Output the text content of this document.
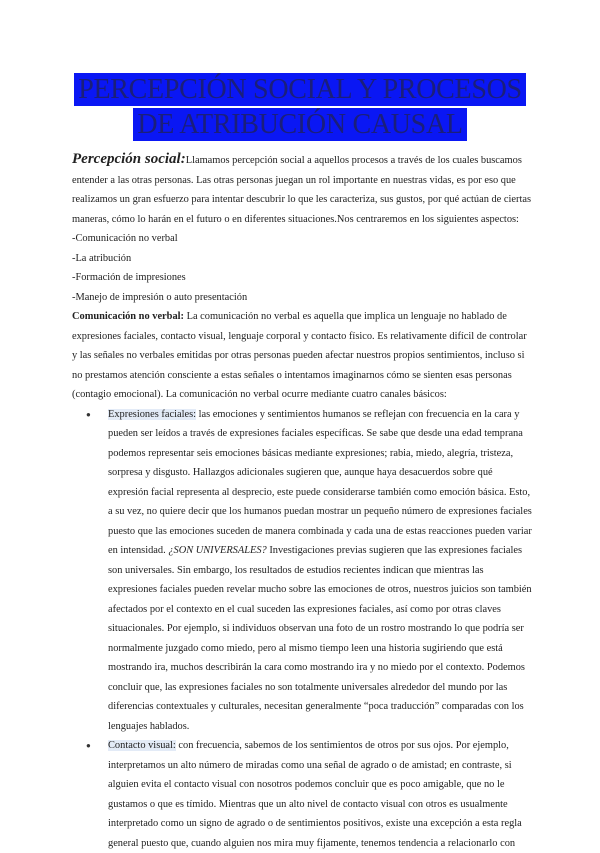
PERCEPCIÓN SOCIAL Y PROCESOS
DE ATRIBUCIÓN CAUSAL

Percepción social:Llamamos percepción social a aquellos procesos a través de los cuales buscamos entender a las otras personas. Las otras personas juegan un rol importante en nuestras vidas, es por eso que realizamos un gran esfuerzo para intentar descubrir lo que les caracteriza, sus gustos, por qué actúan de ciertas maneras, cómo lo harán en el futuro o en diferentes situaciones.Nos centraremos en los siguientes aspectos:

-Comunicación no verbal

-La atribución

-Formación de impresiones

-Manejo de impresión o auto presentación

Comunicación no verbal: La comunicación no verbal es aquella que implica un lenguaje no hablado de expresiones faciales, contacto visual, lenguaje corporal y contacto físico. Es relativamente difícil de controlar y las señales no verbales emitidas por otras personas pueden afectar nuestros propios sentimientos, incluso si no prestamos atención consciente a estas señales o intentamos imaginarnos cómo se sienten esas personas (contagio emocional). La comunicación no verbal ocurre mediante cuatro canales básicos:

● Expresiones faciales: las emociones y sentimientos humanos se reflejan con frecuencia en la cara y pueden ser leídos a través de expresiones faciales específicas. Se sabe que desde una edad temprana podemos representar seis emociones básicas mediante expresiones; rabia, miedo, alegría, tristeza, sorpresa y disgusto. Hallazgos adicionales sugieren que, aunque haya desacuerdos sobre qué expresión facial representa al desprecio, este puede considerarse también como emoción básica. Esto, a su vez, no quiere decir que los humanos puedan mostrar un pequeño número de expresiones faciales puesto que las emociones suceden de manera combinada y cada una de estas reacciones pueden variar en intensidad. ¿SON UNIVERSALES? Investigaciones previas sugieren que las expresiones faciales son universales. Sin embargo, los resultados de estudios recientes indican que mientras las expresiones faciales pueden revelar mucho sobre las emociones de otros, nuestros juicios son también afectados por el contexto en el cual suceden las expresiones faciales, así como por otras claves situacionales. Por ejemplo, si individuos observan una foto de un rostro mostrando lo que podría ser normalmente juzgado como miedo, pero al mismo tiempo leen una historia sugiriendo que está mostrando ira, muchos describirán la cara como mostrando ira y no miedo por el contexto. Podemos concluir que, las expresiones faciales no son totalmente universales alrededor del mundo por las diferencias contextuales y culturales, necesitan generalmente “poca traducción” comparadas con los lenguajes hablados.
● Contacto visual: con frecuencia, sabemos de los sentimientos de otros por sus ojos. Por ejemplo, interpretamos un alto número de miradas como una señal de agrado o de amistad; en contraste, si alguien evita el contacto visual con nosotros podemos concluir que es poco amigable, que no le gustamos o que es tímido. Mientras que un alto nivel de contacto visual con otros es usualmente interpretado como un signo de agrado o de sentimientos positivos, existe una excepción a esta regla general puesto que, cuando alguien nos mira muy fijamente, tenemos tendencia a relacionarlo con
